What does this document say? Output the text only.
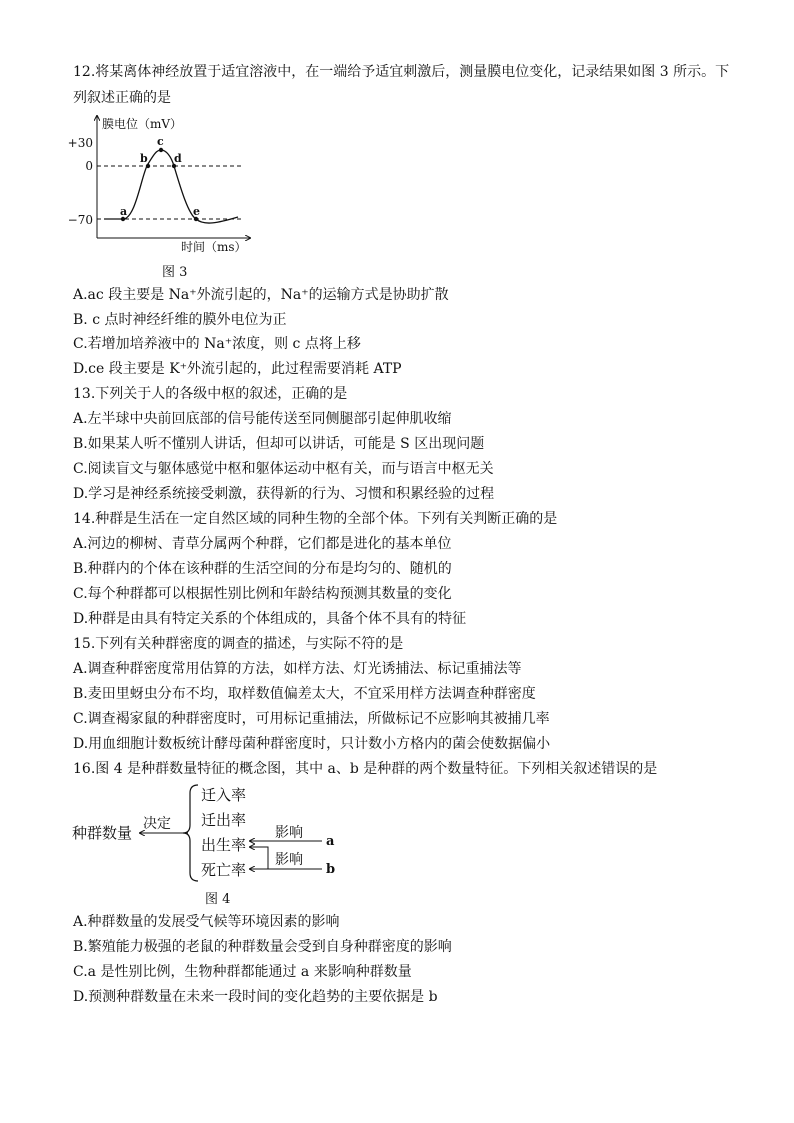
12.将某离体神经放置于适宜溶液中，在一端给予适宜刺激后，测量膜电位变化，记录结果如图 3 所示。下
列叙述正确的是
膜电位（mV）
+30
0
−70
a
b
c
d
e
时间（ms）
图 3
A.ac 段主要是 Na⁺外流引起的，Na⁺的运输方式是协助扩散
B. c 点时神经纤维的膜外电位为正
C.若增加培养液中的 Na⁺浓度，则 c 点将上移
D.ce 段主要是 K⁺外流引起的，此过程需要消耗 ATP
13.下列关于人的各级中枢的叙述，正确的是
A.左半球中央前回底部的信号能传送至同侧腿部引起伸肌收缩
B.如果某人听不懂别人讲话，但却可以讲话，可能是 S 区出现问题
C.阅读盲文与躯体感觉中枢和躯体运动中枢有关，而与语言中枢无关
D.学习是神经系统接受刺激，获得新的行为、习惯和积累经验的过程
14.种群是生活在一定自然区域的同种生物的全部个体。下列有关判断正确的是
A.河边的柳树、青草分属两个种群，它们都是进化的基本单位
B.种群内的个体在该种群的生活空间的分布是均匀的、随机的
C.每个种群都可以根据性别比例和年龄结构预测其数量的变化
D.种群是由具有特定关系的个体组成的，具备个体不具有的特征
15.下列有关种群密度的调查的描述，与实际不符的是
A.调查种群密度常用估算的方法，如样方法、灯光诱捕法、标记重捕法等
B.麦田里蚜虫分布不均，取样数值偏差太大，不宜采用样方法调查种群密度
C.调查褐家鼠的种群密度时，可用标记重捕法，所做标记不应影响其被捕几率
D.用血细胞计数板统计酵母菌种群密度时，只计数小方格内的菌会使数据偏小
16.图 4 是种群数量特征的概念图，其中 a、b 是种群的两个数量特征。下列相关叙述错误的是
种群数量 决定
迁入率
迁出率
出生率
死亡率
影响
a
影响
b
图 4
A.种群数量的发展受气候等环境因素的影响
B.繁殖能力极强的老鼠的种群数量会受到自身种群密度的影响
C.a 是性别比例，生物种群都能通过 a 来影响种群数量
D.预测种群数量在未来一段时间的变化趋势的主要依据是 b
